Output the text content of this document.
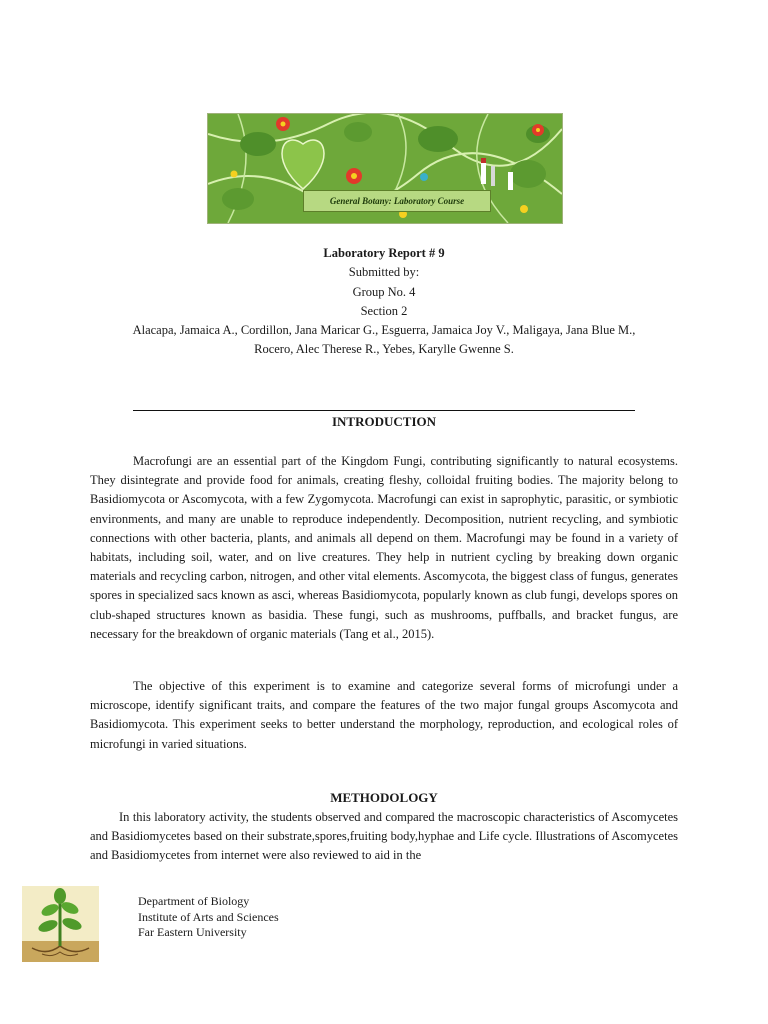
General Botany: Laboratory Course
Laboratory Report # 9
Submitted by:
Group No. 4
Section 2
Alacapa, Jamaica A., Cordillon, Jana Maricar G., Esguerra, Jamaica Joy V., Maligaya, Jana Blue M.,
Rocero, Alec Therese R., Yebes, Karylle Gwenne S.
INTRODUCTION

Macrofungi are an essential part of the Kingdom Fungi, contributing significantly to natural ecosystems. They disintegrate and provide food for animals, creating fleshy, colloidal fruiting bodies. The majority belong to Basidiomycota or Ascomycota, with a few Zygomycota. Macrofungi can exist in saprophytic, parasitic, or symbiotic environments, and many are unable to reproduce independently. Decomposition, nutrient recycling, and symbiotic connections with other bacteria, plants, and animals all depend on them. Macrofungi may be found in a variety of habitats, including soil, water, and on live creatures. They help in nutrient cycling by breaking down organic materials and recycling carbon, nitrogen, and other vital elements. Ascomycota, the biggest class of fungus, generates spores in specialized sacs known as asci, whereas Basidiomycota, popularly known as club fungi, develops spores on club-shaped structures known as basidia. These fungi, such as mushrooms, puffballs, and bracket fungus, are necessary for the breakdown of organic materials (Tang et al., 2015).

The objective of this experiment is to examine and categorize several forms of microfungi under a microscope, identify significant traits, and compare the features of the two major fungal groups Ascomycota and Basidiomycota. This experiment seeks to better understand the morphology, reproduction, and ecological roles of microfungi in varied situations.

METHODOLOGY

In this laboratory activity, the students observed and compared the macroscopic characteristics of Ascomycetes and Basidiomycetes based on their substrate,spores,fruiting body,hyphae and Life cycle. Illustrations of Ascomycetes and Basidiomycetes from internet were also reviewed to aid in the

Department of Biology
Institute of Arts and Sciences
Far Eastern University
